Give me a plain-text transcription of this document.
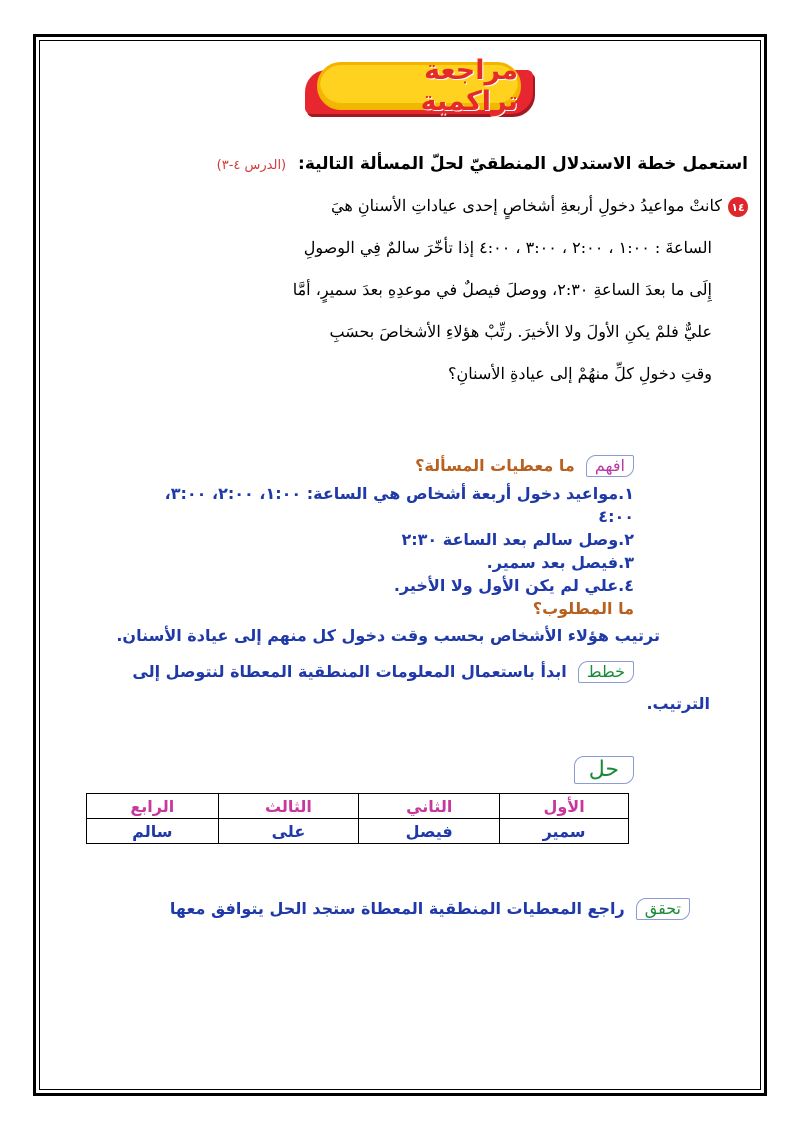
مراجعة تراكمية
استعمل خطة الاستدلال المنطقيّ لحلّ المسألة التالية: (الدرس ٤-٣)
١٤
كانتْ مواعيدُ دخولِ أربعةِ أشخاصٍ إحدى عياداتِ الأسنانِ هيَ
الساعةَ : ١:٠٠ ، ٢:٠٠ ، ٣:٠٠ ، ٤:٠٠ إذا تأخّرَ سالمٌ فِي الوصولِ
إِلَى ما بعدَ الساعةِ ٢:٣٠، ووصلَ فيصلٌ في موعدِهِ بعدَ سميرٍ، أمَّا
عليٌّ فلمْ يكنِ الأولَ ولا الأخيرَ. رتِّبْ هؤلاءِ الأشخاصَ بحسَبِ
وقتِ دخولِ كلِّ منهُمْ إلى عيادةِ الأسنانِ؟
افهم ما معطيات المسألة؟
١.مواعيد دخول أربعة أشخاص هي الساعة: ١:٠٠، ٢:٠٠، ٣:٠٠،
٤:٠٠
٢.وصل سالم بعد الساعة ٢:٣٠
٣.فيصل بعد سمير.
٤.علي لم يكن الأول ولا الأخير.
ما المطلوب؟
ترتيب هؤلاء الأشخاص بحسب وقت دخول كل منهم إلى عيادة الأسنان.
خطط ابدأ باستعمال المعلومات المنطقية المعطاة لنتوصل إلى
الترتيب.
حل
الأول	الثاني	الثالث	الرابع
سمير	فيصل	على	سالم
تحقق راجع المعطيات المنطقية المعطاة ستجد الحل يتوافق معها
